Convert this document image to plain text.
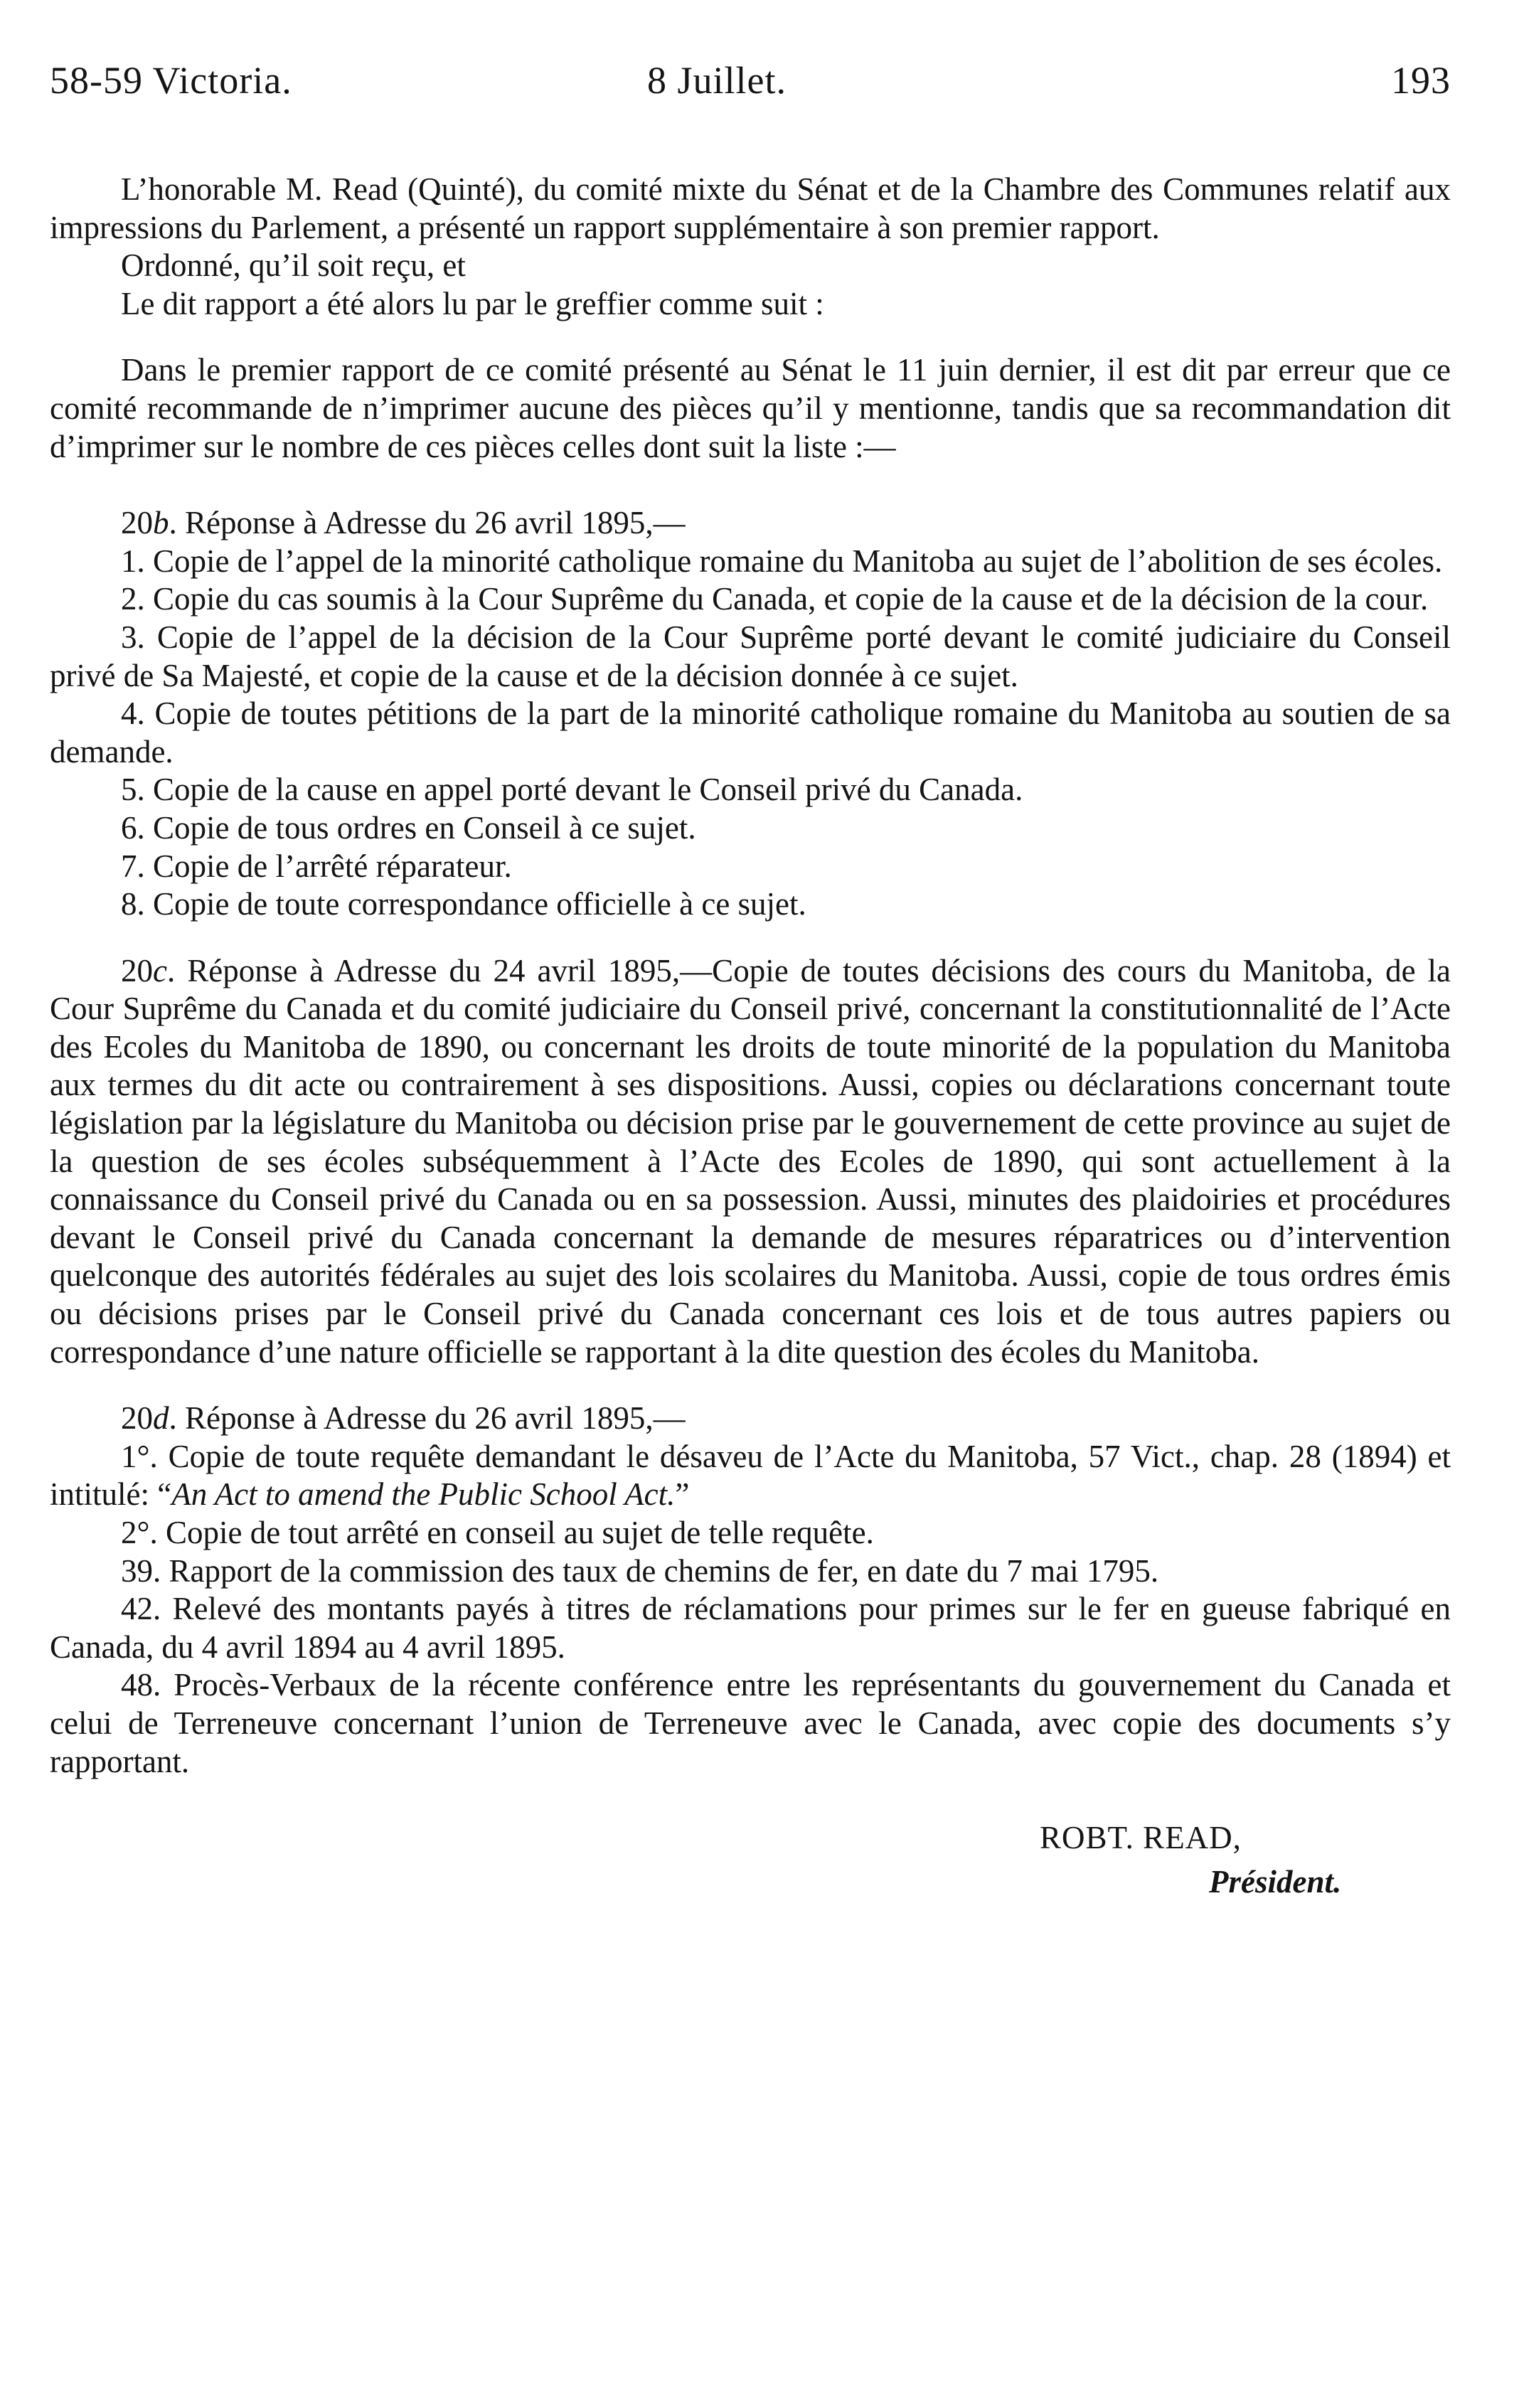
58-59 Victoria.	8 Juillet.	193

L’honorable M. Read (Quinté), du comité mixte du Sénat et de la Chambre des Communes relatif aux impressions du Parlement, a présenté un rapport supplémentaire à son premier rapport.

Ordonné, qu’il soit reçu, et

Le dit rapport a été alors lu par le greffier comme suit :

Dans le premier rapport de ce comité présenté au Sénat le 11 juin dernier, il est dit par erreur que ce comité recommande de n’imprimer aucune des pièces qu’il y mentionne, tandis que sa recommandation dit d’imprimer sur le nombre de ces pièces celles dont suit la liste :—

20b. Réponse à Adresse du 26 avril 1895,—

1. Copie de l’appel de la minorité catholique romaine du Manitoba au sujet de l’abolition de ses écoles.

2. Copie du cas soumis à la Cour Suprême du Canada, et copie de la cause et de la décision de la cour.

3. Copie de l’appel de la décision de la Cour Suprême porté devant le comité judiciaire du Conseil privé de Sa Majesté, et copie de la cause et de la décision donnée à ce sujet.

4. Copie de toutes pétitions de la part de la minorité catholique romaine du Manitoba au soutien de sa demande.

5. Copie de la cause en appel porté devant le Conseil privé du Canada.

6. Copie de tous ordres en Conseil à ce sujet.

7. Copie de l’arrêté réparateur.

8. Copie de toute correspondance officielle à ce sujet.

20c. Réponse à Adresse du 24 avril 1895,—Copie de toutes décisions des cours du Manitoba, de la Cour Suprême du Canada et du comité judiciaire du Conseil privé, concernant la constitutionnalité de l’Acte des Ecoles du Manitoba de 1890, ou concernant les droits de toute minorité de la population du Manitoba aux termes du dit acte ou contrairement à ses dispositions. Aussi, copies ou déclarations concernant toute législation par la législature du Manitoba ou décision prise par le gouvernement de cette province au sujet de la question de ses écoles subséquemment à l’Acte des Ecoles de 1890, qui sont actuellement à la connaissance du Conseil privé du Canada ou en sa possession. Aussi, minutes des plaidoiries et procédures devant le Conseil privé du Canada concernant la demande de mesures réparatrices ou d’intervention quelconque des autorités fédérales au sujet des lois scolaires du Manitoba. Aussi, copie de tous ordres émis ou décisions prises par le Conseil privé du Canada concernant ces lois et de tous autres papiers ou correspondance d’une nature officielle se rapportant à la dite question des écoles du Manitoba.

20d. Réponse à Adresse du 26 avril 1895,—

1°. Copie de toute requête demandant le désaveu de l’Acte du Manitoba, 57 Vict., chap. 28 (1894) et intitulé: “An Act to amend the Public School Act.”

2°. Copie de tout arrêté en conseil au sujet de telle requête.

39. Rapport de la commission des taux de chemins de fer, en date du 7 mai 1795.

42. Relevé des montants payés à titres de réclamations pour primes sur le fer en gueuse fabriqué en Canada, du 4 avril 1894 au 4 avril 1895.

48. Procès-Verbaux de la récente conférence entre les représentants du gouvernement du Canada et celui de Terreneuve concernant l’union de Terreneuve avec le Canada, avec copie des documents s’y rapportant.

ROBT. READ,
Président.
